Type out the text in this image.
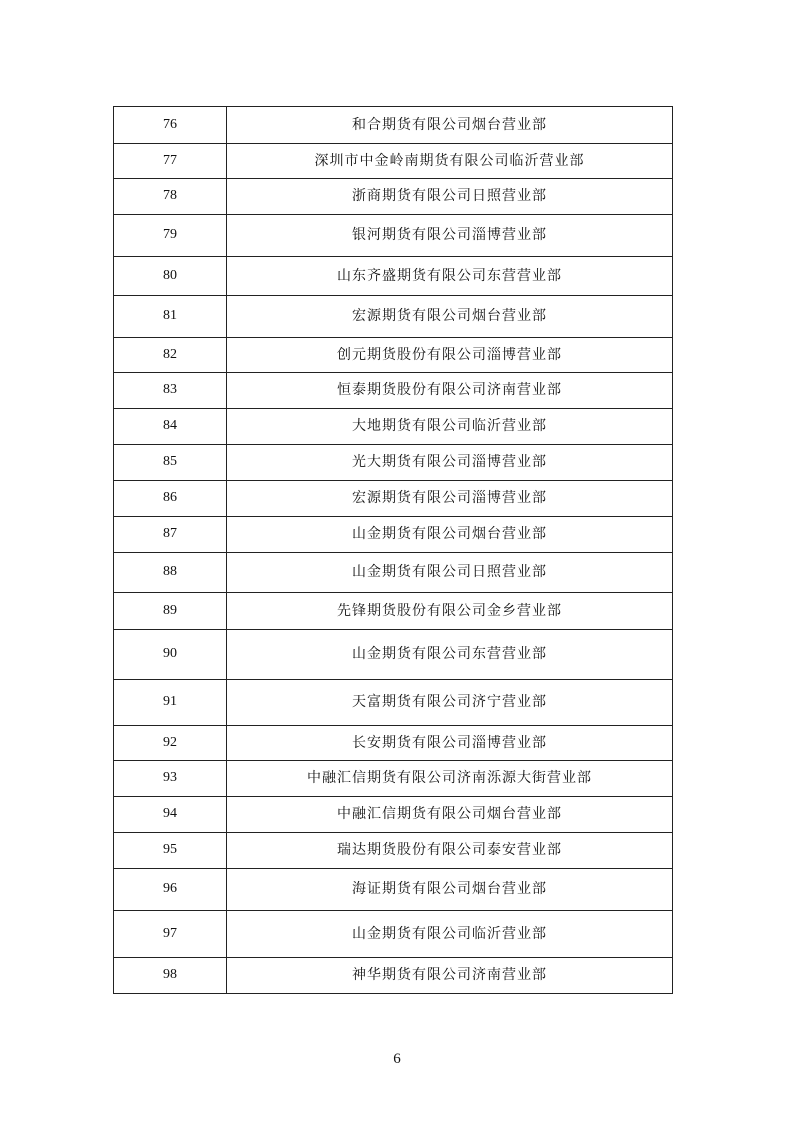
76	和合期货有限公司烟台营业部
77	深圳市中金岭南期货有限公司临沂营业部
78	浙商期货有限公司日照营业部
79	银河期货有限公司淄博营业部
80	山东齐盛期货有限公司东营营业部
81	宏源期货有限公司烟台营业部
82	创元期货股份有限公司淄博营业部
83	恒泰期货股份有限公司济南营业部
84	大地期货有限公司临沂营业部
85	光大期货有限公司淄博营业部
86	宏源期货有限公司淄博营业部
87	山金期货有限公司烟台营业部
88	山金期货有限公司日照营业部
89	先锋期货股份有限公司金乡营业部
90	山金期货有限公司东营营业部
91	天富期货有限公司济宁营业部
92	长安期货有限公司淄博营业部
93	中融汇信期货有限公司济南泺源大街营业部
94	中融汇信期货有限公司烟台营业部
95	瑞达期货股份有限公司泰安营业部
96	海证期货有限公司烟台营业部
97	山金期货有限公司临沂营业部
98	神华期货有限公司济南营业部
6
